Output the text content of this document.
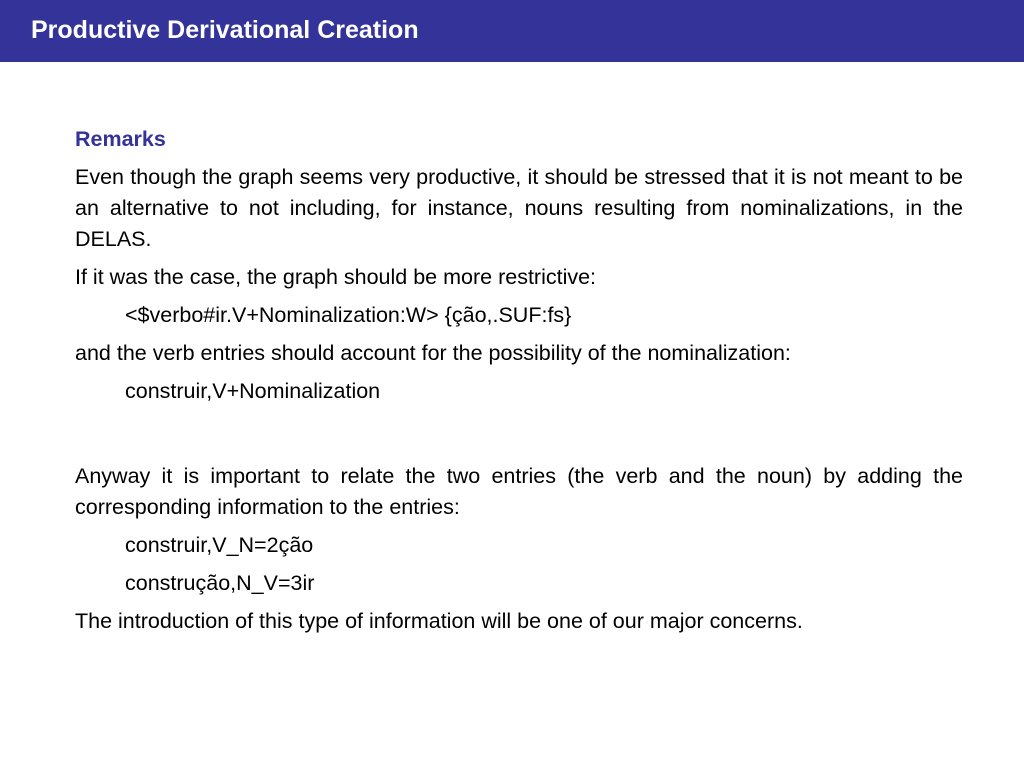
Productive Derivational Creation
Remarks
Even though the graph seems very productive, it should be stressed that it is not meant to be an alternative to not including, for instance, nouns resulting from nominalizations, in the DELAS.
If it was the case, the graph should be more restrictive:
<$verbo#ir.V+Nominalization:W> {ção,.SUF:fs}
and the verb entries should account for the possibility of the nominalization:
construir,V+Nominalization
Anyway it is important to relate the two entries (the verb and the noun) by adding the corresponding information to the entries:
construir,V_N=2ção
construção,N_V=3ir
The introduction of this type of information will be one of our major concerns.
